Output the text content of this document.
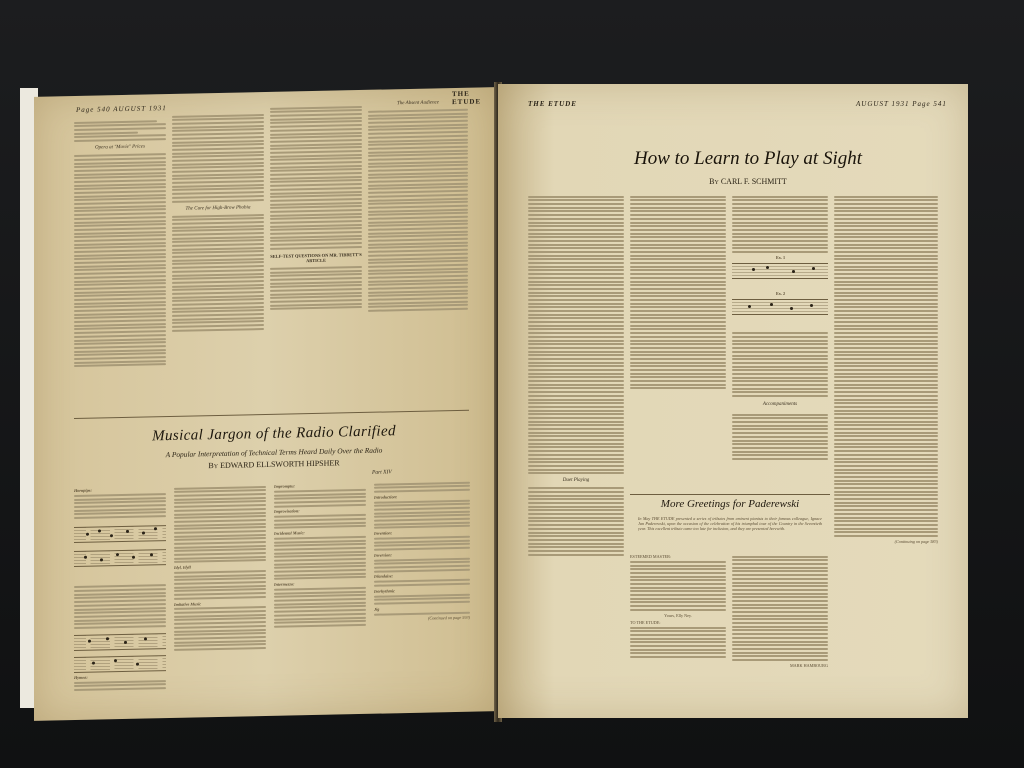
Page 540 AUGUST 1931
THE ETUDE
Opera at "Movie" Prices
The Cure for High-Brow Phobia
SELF-TEST QUESTIONS ON MR. TIBBETT'S ARTICLE
The Absent Audience
Musical Jargon of the Radio Clarified
A Popular Interpretation of Technical Terms Heard Daily Over the Radio
By EDWARD ELLSWORTH HIPSHER
Part XIV
Hornpipe:
Hymns:
Idyl, Idyll
Imitative Music
Impromptu:
Improvisation:
Incidental Music:
Intermezzo:
Introduction:
Invention:
Inversion:
Irlandaise:
Isorhythmic
Jig
(Continued on page 593)
THE ETUDE	AUGUST 1931 Page 541
How to Learn to Play at Sight
By CARL F. SCHMITT
Duet Playing
Ex. 1
Ex. 2
(Continuing on page 583)
Accompaniments
More Greetings for Paderewski
In May THE ETUDE presented a series of tributes from eminent pianists to their famous colleague, Ignace Jan Paderewski, upon the occasion of the celebration of his triumphal tour of the Country in the Seventieth year. This excellent tribute came too late for inclusion, and they are presented herewith.
ESTEEMED MASTER:
Yours, Elly Ney.
TO THE ETUDE:
MARK HAMBOURG
